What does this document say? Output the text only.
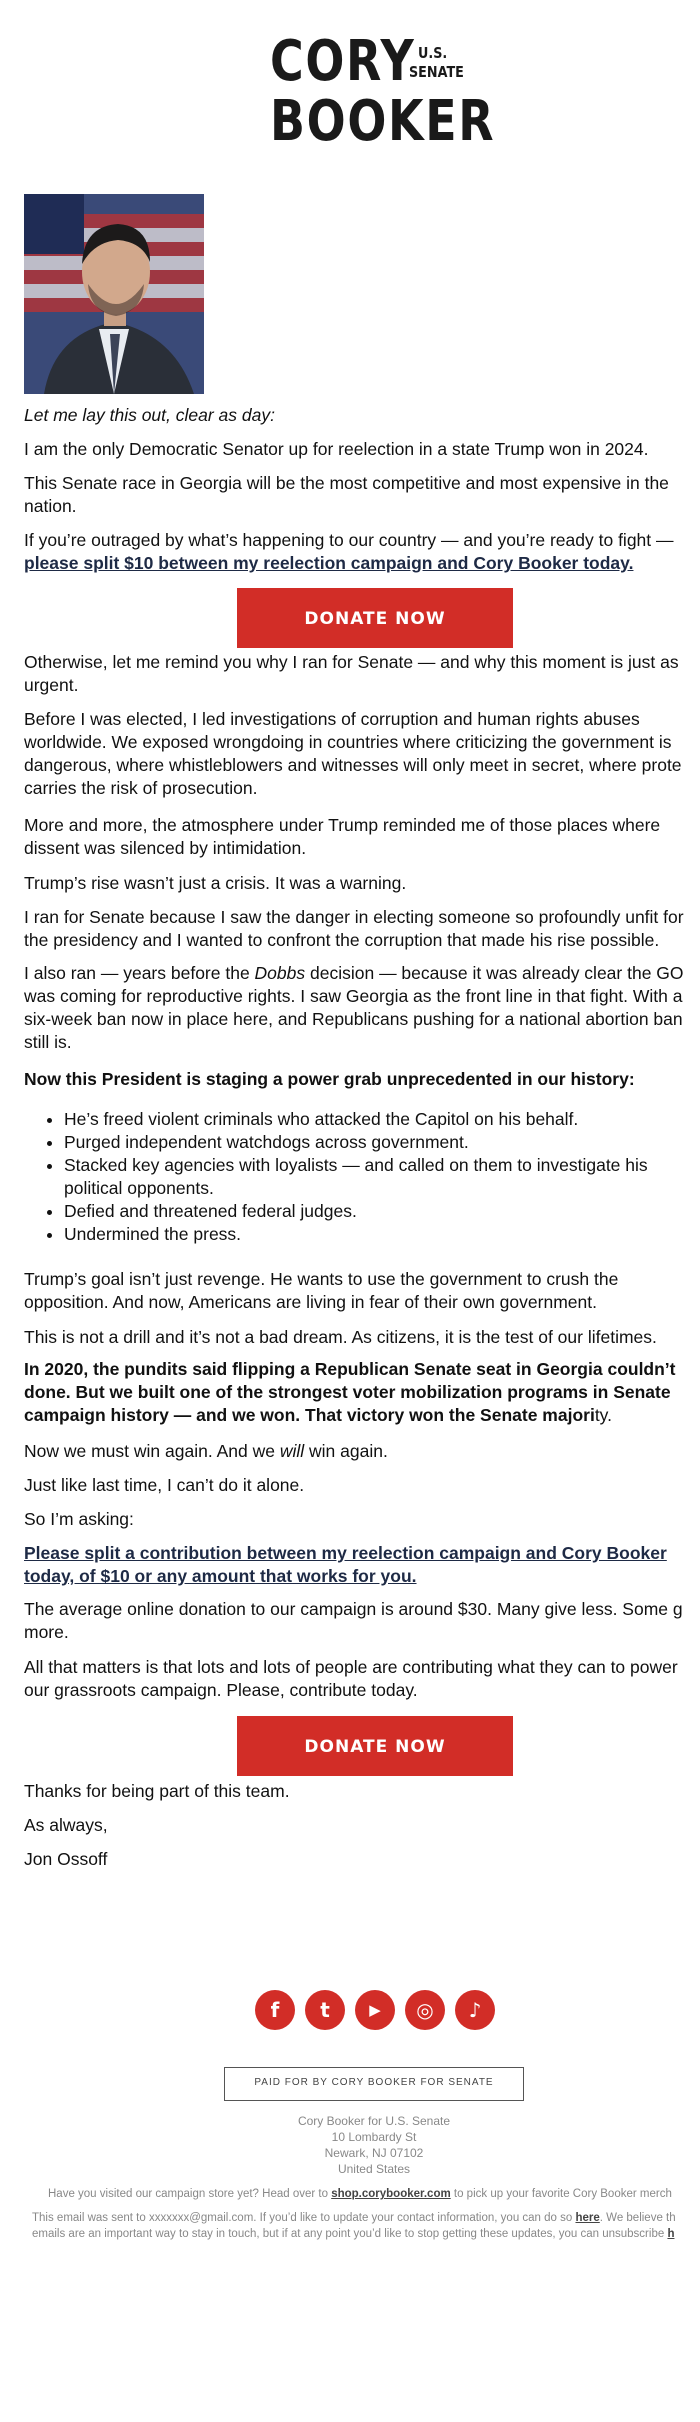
CORY U.S.
SENATE
BOOKER

Let me lay this out, clear as day:

I am the only Democratic Senator up for reelection in a state Trump won in 2024.

This Senate race in Georgia will be the most competitive and most expensive in the
nation.

If you’re outraged by what’s happening to our country — and you’re ready to fight —
please split $10 between my reelection campaign and Cory Booker today.

DONATE NOW

Otherwise, let me remind you why I ran for Senate — and why this moment is just as
urgent.

Before I was elected, I led investigations of corruption and human rights abuses
worldwide. We exposed wrongdoing in countries where criticizing the government is
dangerous, where whistleblowers and witnesses will only meet in secret, where prote
carries the risk of prosecution.

More and more, the atmosphere under Trump reminded me of those places where
dissent was silenced by intimidation.

Trump’s rise wasn’t just a crisis. It was a warning.

I ran for Senate because I saw the danger in electing someone so profoundly unfit for
the presidency and I wanted to confront the corruption that made his rise possible.

I also ran — years before the Dobbs decision — because it was already clear the GO
was coming for reproductive rights. I saw Georgia as the front line in that fight. With a
six-week ban now in place here, and Republicans pushing for a national abortion ban
still is.

Now this President is staging a power grab unprecedented in our history:

• He’s freed violent criminals who attacked the Capitol on his behalf.
• Purged independent watchdogs across government.
• Stacked key agencies with loyalists — and called on them to investigate his political opponents.
• Defied and threatened federal judges.
• Undermined the press.

Trump’s goal isn’t just revenge. He wants to use the government to crush the
opposition. And now, Americans are living in fear of their own government.

This is not a drill and it’s not a bad dream. As citizens, it is the test of our lifetimes.

In 2020, the pundits said flipping a Republican Senate seat in Georgia couldn’t
done. But we built one of the strongest voter mobilization programs in Senate
campaign history — and we won. That victory won the Senate majority.

Now we must win again. And we will win again.

Just like last time, I can’t do it alone.

So I’m asking:

Please split a contribution between my reelection campaign and Cory Booker
today, of $10 or any amount that works for you.

The average online donation to our campaign is around $30. Many give less. Some g
more.

All that matters is that lots and lots of people are contributing what they can to power
our grassroots campaign. Please, contribute today.

DONATE NOW

Thanks for being part of this team.

As always,

Jon Ossoff

f	t	▶	◎	♪
PAID FOR BY CORY BOOKER FOR SENATE
Cory Booker for U.S. Senate
10 Lombardy St
Newark, NJ 07102
United States
Have you visited our campaign store yet? Head over to shop.corybooker.com to pick up your favorite Cory Booker merch
This email was sent to xxxxxxx@gmail.com. If you’d like to update your contact information, you can do so here. We believe th
emails are an important way to stay in touch, but if at any point you’d like to stop getting these updates, you can unsubscribe h
